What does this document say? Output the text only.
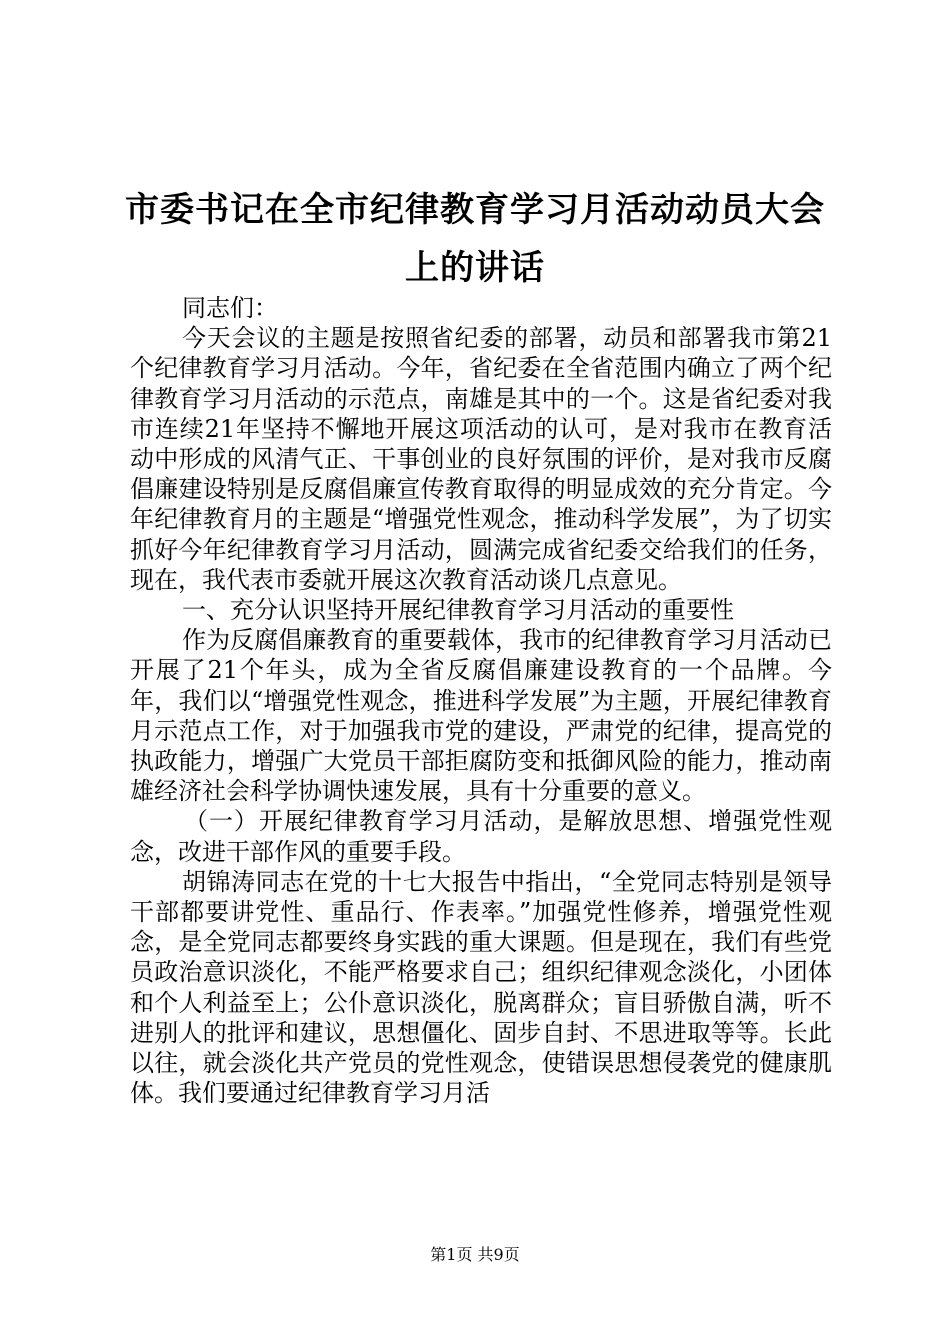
市委书记在全市纪律教育学习月活动动员大会
上的讲话

同志们：

今天会议的主题是按照省纪委的部署，动员和部署我市第21个纪律教育学习月活动。今年，省纪委在全省范围内确立了两个纪律教育学习月活动的示范点，南雄是其中的一个。这是省纪委对我市连续21年坚持不懈地开展这项活动的认可，是对我市在教育活动中形成的风清气正、干事创业的良好氛围的评价，是对我市反腐倡廉建设特别是反腐倡廉宣传教育取得的明显成效的充分肯定。今年纪律教育月的主题是“增强党性观念，推动科学发展”，为了切实抓好今年纪律教育学习月活动，圆满完成省纪委交给我们的任务，现在，我代表市委就开展这次教育活动谈几点意见。

一、充分认识坚持开展纪律教育学习月活动的重要性

作为反腐倡廉教育的重要载体，我市的纪律教育学习月活动已开展了21个年头，成为全省反腐倡廉建设教育的一个品牌。今年，我们以“增强党性观念，推进科学发展”为主题，开展纪律教育月示范点工作，对于加强我市党的建设，严肃党的纪律，提高党的执政能力，增强广大党员干部拒腐防变和抵御风险的能力，推动南雄经济社会科学协调快速发展，具有十分重要的意义。

（一）开展纪律教育学习月活动，是解放思想、增强党性观念，改进干部作风的重要手段。

胡锦涛同志在党的十七大报告中指出，“全党同志特别是领导干部都要讲党性、重品行、作表率。”加强党性修养，增强党性观念，是全党同志都要终身实践的重大课题。但是现在，我们有些党员政治意识淡化，不能严格要求自己；组织纪律观念淡化，小团体和个人利益至上；公仆意识淡化，脱离群众；盲目骄傲自满，听不进别人的批评和建议，思想僵化、固步自封、不思进取等等。长此以往，就会淡化共产党员的党性观念，使错误思想侵袭党的健康肌体。我们要通过纪律教育学习月活

第1页 共9页
